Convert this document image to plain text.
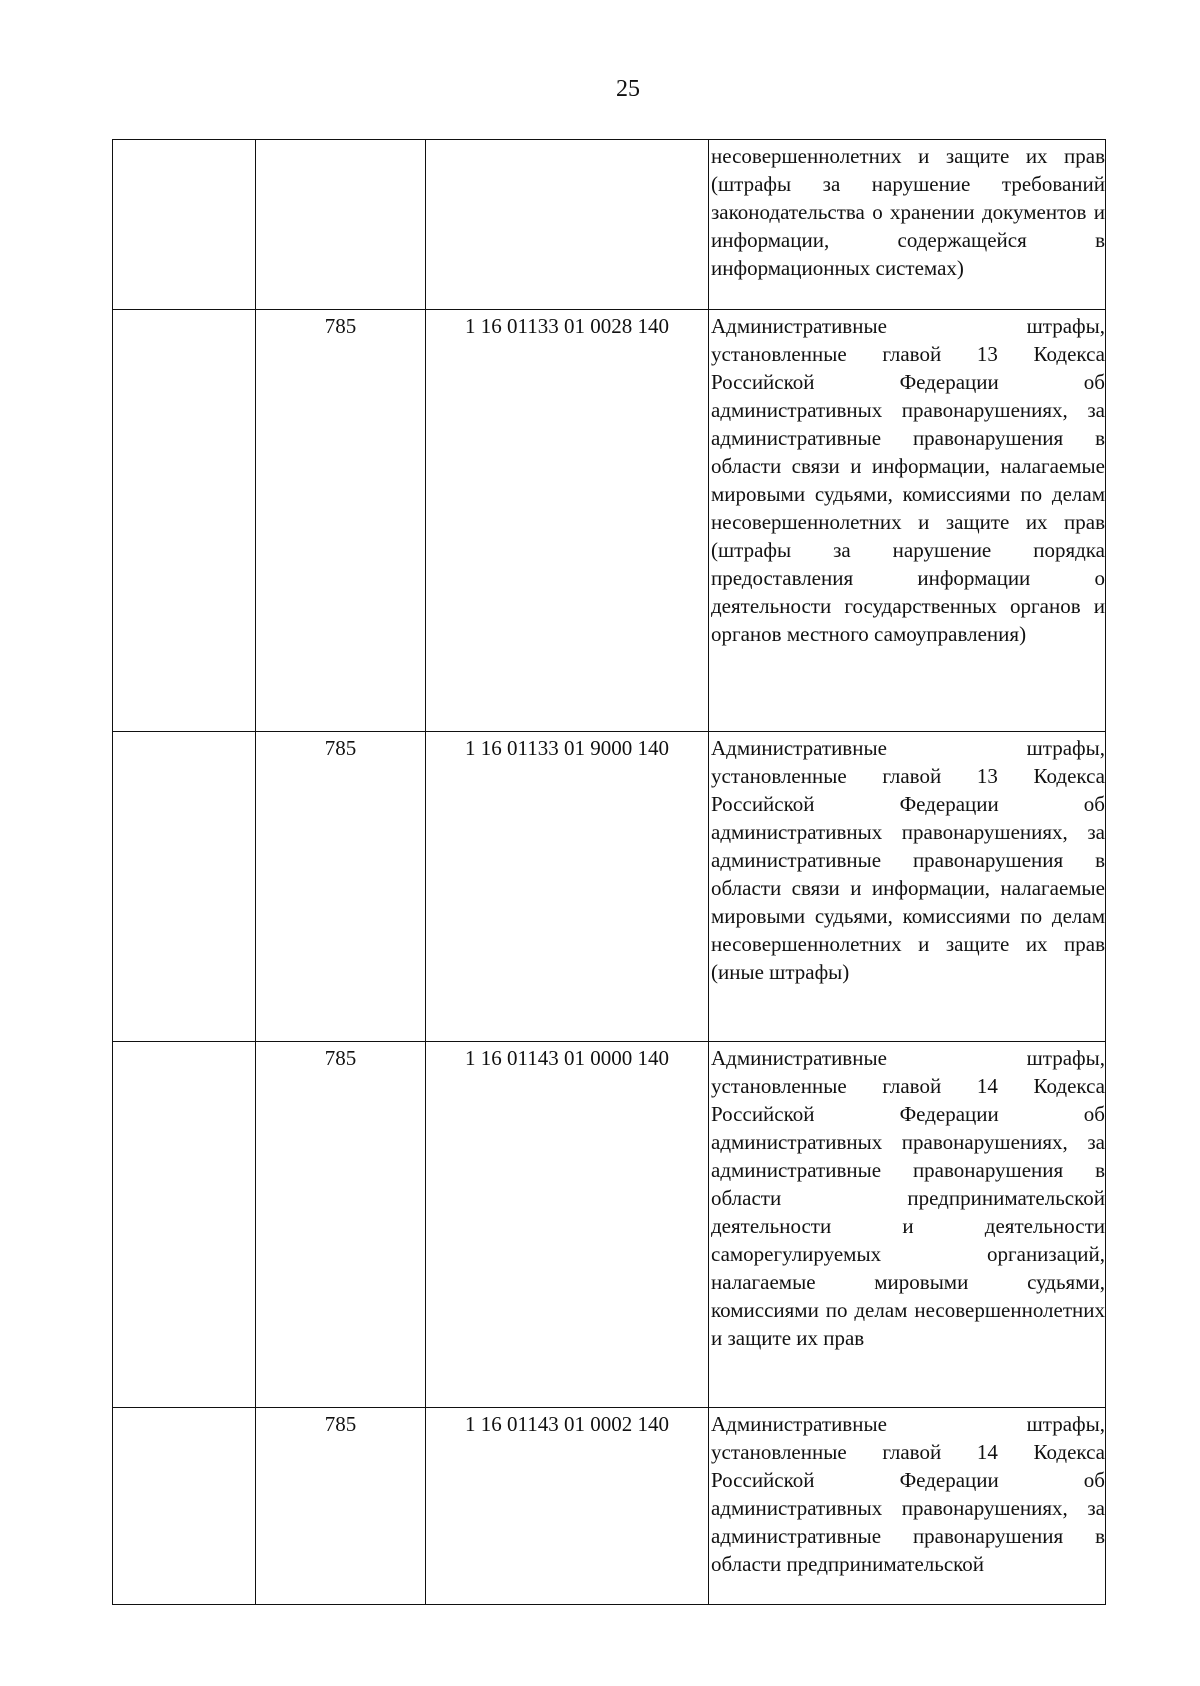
25

			несовершеннолетних и защите их прав (штрафы за нарушение требований законодательства о хранении документов и информации, содержащейся в информационных системах)

	785	1 16 01133 01 0028 140	Административные штрафы, установленные главой 13 Кодекса Российской Федерации об административных правонарушениях, за административные правонарушения в области связи и информации, налагаемые мировыми судьями, комиссиями по делам несовершеннолетних и защите их прав (штрафы за нарушение порядка предоставления информации о деятельности государственных органов и органов местного самоуправления)

	785	1 16 01133 01 9000 140	Административные штрафы, установленные главой 13 Кодекса Российской Федерации об административных правонарушениях, за административные правонарушения в области связи и информации, налагаемые мировыми судьями, комиссиями по делам несовершеннолетних и защите их прав (иные штрафы)

	785	1 16 01143 01 0000 140	Административные штрафы, установленные главой 14 Кодекса Российской Федерации об административных правонарушениях, за административные правонарушения в области предпринимательской деятельности и деятельности саморегулируемых организаций, налагаемые мировыми судьями, комиссиями по делам несовершеннолетних и защите их прав

	785	1 16 01143 01 0002 140	Административные штрафы, установленные главой 14 Кодекса Российской Федерации об административных правонарушениях, за административные правонарушения в области предпринимательской
